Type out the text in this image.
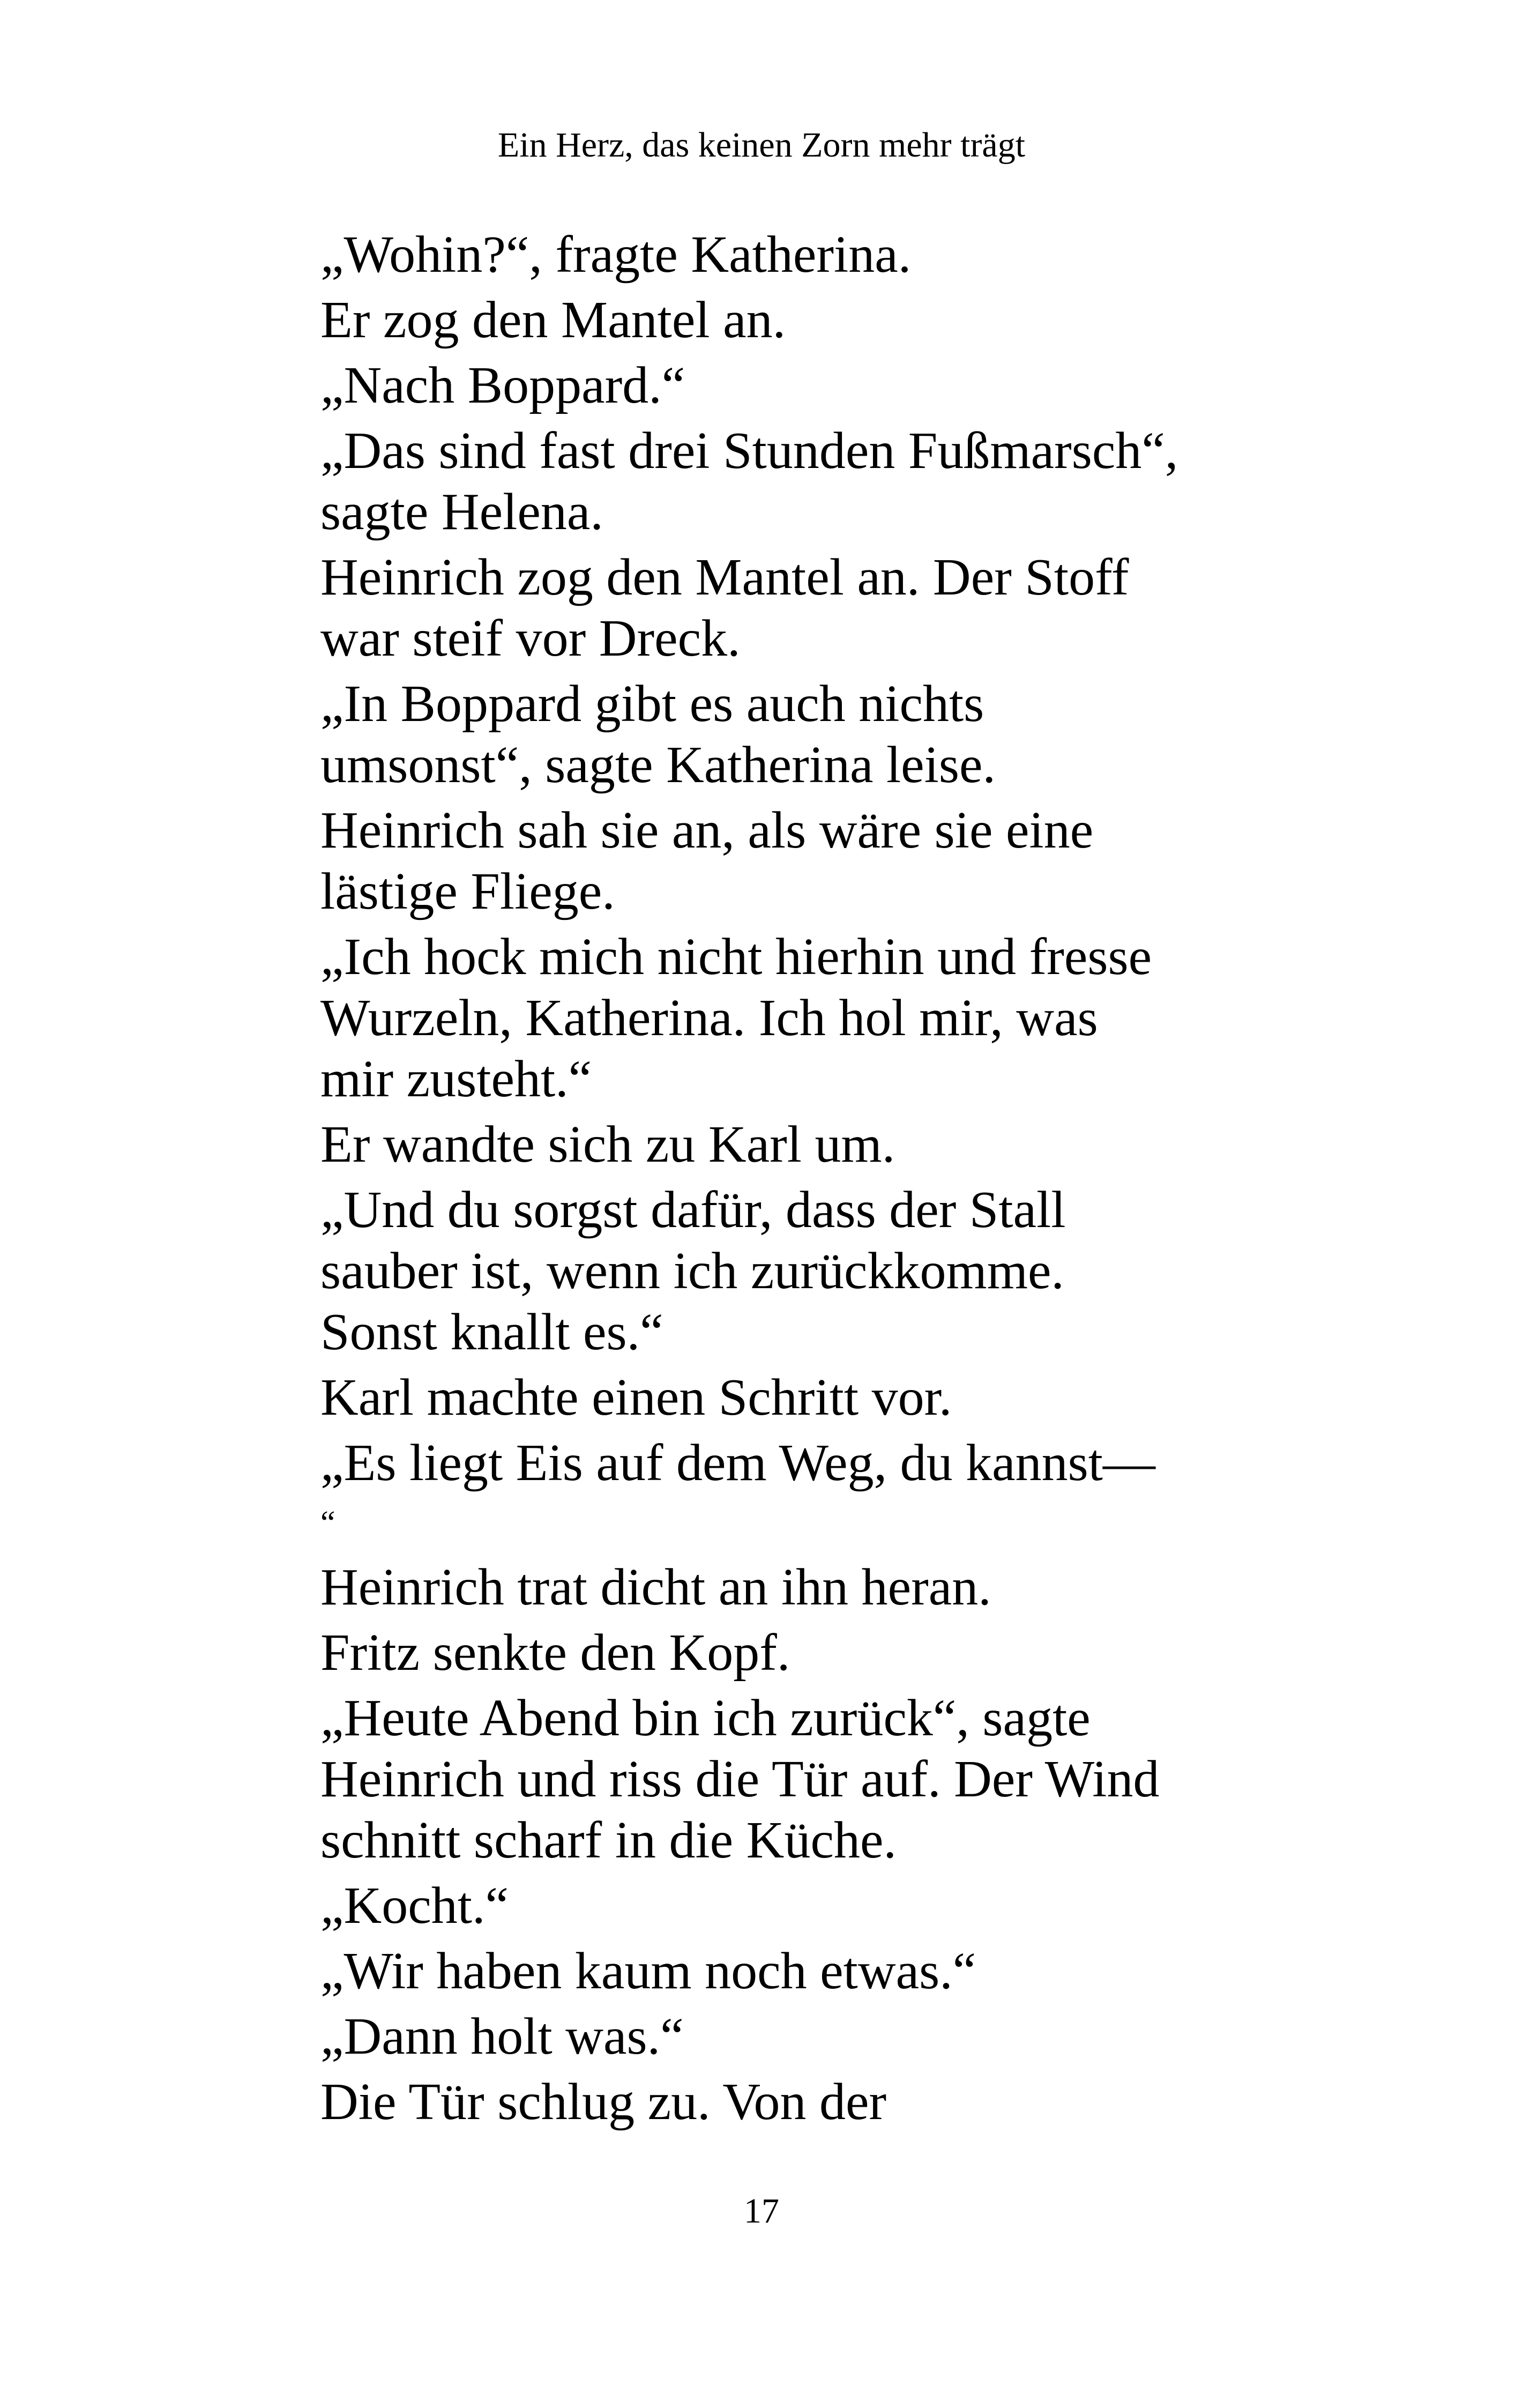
Ein Herz, das keinen Zorn mehr trägt

„Wohin?“, fragte Katherina.

Er zog den Mantel an.

„Nach Boppard.“

„Das sind fast drei Stunden Fußmarsch“,
sagte Helena.

Heinrich zog den Mantel an. Der Stoff
war steif vor Dreck.

„In Boppard gibt es auch nichts
umsonst“, sagte Katherina leise.

Heinrich sah sie an, als wäre sie eine
lästige Fliege.

„Ich hock mich nicht hierhin und fresse
Wurzeln, Katherina. Ich hol mir, was
mir zusteht.“

Er wandte sich zu Karl um.

„Und du sorgst dafür, dass der Stall
sauber ist, wenn ich zurückkomme.
Sonst knallt es.“

Karl machte einen Schritt vor.

„Es liegt Eis auf dem Weg, du kannst—
“

Heinrich trat dicht an ihn heran.

Fritz senkte den Kopf.

„Heute Abend bin ich zurück“, sagte
Heinrich und riss die Tür auf. Der Wind
schnitt scharf in die Küche.

„Kocht.“

„Wir haben kaum noch etwas.“

„Dann holt was.“

Die Tür schlug zu. Von der

17
